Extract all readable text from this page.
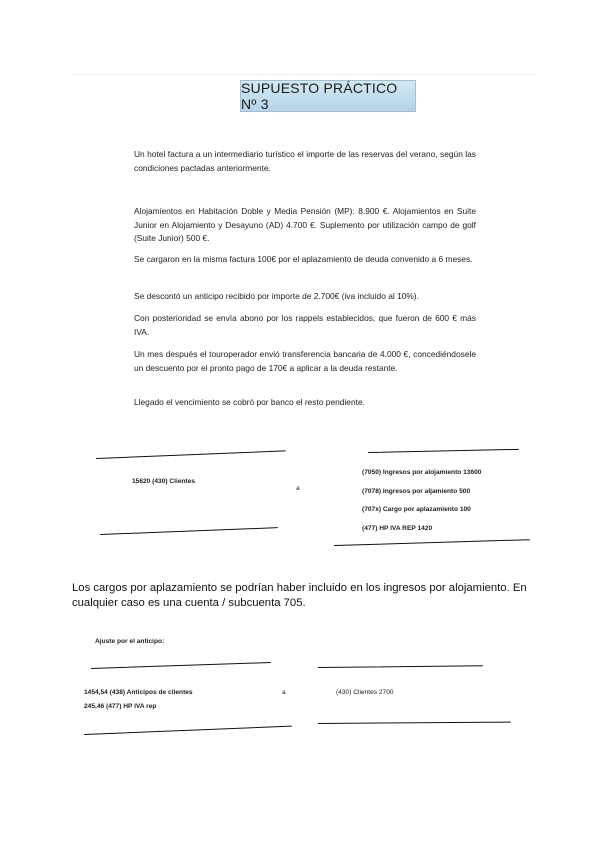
SUPUESTO PRÁCTICO Nº 3

Un hotel factura a un intermediario turístico el importe de las reservas del verano, según las condiciones pactadas anteriormente.

Alojamientos en Habitación Doble y Media Pensión (MP): 8.900 €. Alojamientos en Suite Junior en Alojamiento y Desayuno (AD) 4.700 €. Suplemento por utilización campo de golf (Suite Junior) 500 €.

Se cargaron en la misma factura 100€ por el aplazamiento de deuda convenido a 6 meses.

Se descontó un anticipo recibido por importe de 2.700€ (iva incluido al 10%).

Con posterioridad se envía abono por los rappels establecidos, que fueron de 600 € más IVA.

Un mes después el touroperador envió transferencia bancaria de 4.000 €, concediéndosele un descuento por el pronto pago de 170€ a aplicar a la deuda restante.

Llegado el vencimiento se cobró por banco el resto pendiente.

15620 (430) Clientes
a
(7050) Ingresos por alojamiento 13600
(7078) Ingresos por aljamiento 500
(707x) Cargo por aplazamiento 100
(477) HP IVA REP 1420

Los cargos por aplazamiento se podrían haber incluido en los ingresos por alojamiento. En cualquier caso es una cuenta / subcuenta 705.

Ajuste por el anticipo:
1454,54 (438) Anticipos de clientes
245,46 (477) HP IVA rep
a	(430) Clientes 2700
